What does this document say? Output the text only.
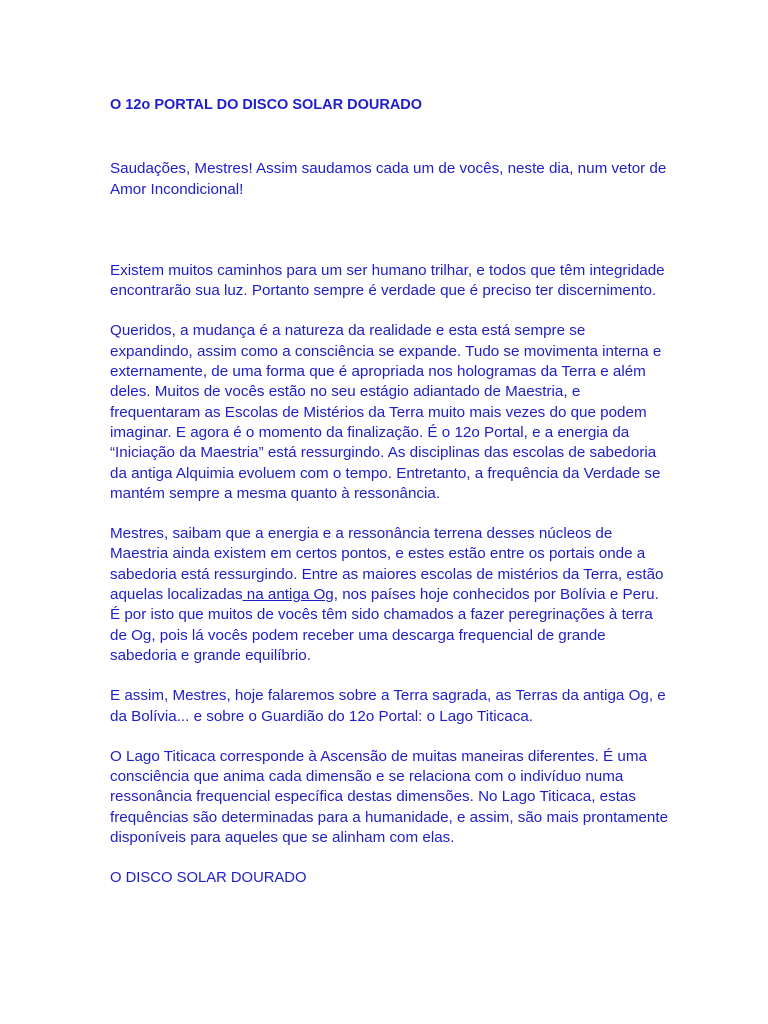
O 12o PORTAL DO DISCO SOLAR DOURADO

Saudações, Mestres! Assim saudamos cada um de vocês, neste dia, num vetor de Amor Incondicional!

Existem muitos caminhos para um ser humano trilhar, e todos que têm integridade encontrarão sua luz. Portanto sempre é verdade que é preciso ter discernimento.

Queridos, a mudança é a natureza da realidade e esta está sempre se expandindo, assim como a consciência se expande. Tudo se movimenta interna e externamente, de uma forma que é apropriada nos hologramas da Terra e além deles. Muitos de vocês estão no seu estágio adiantado de Maestria, e frequentaram as Escolas de Mistérios da Terra muito mais vezes do que podem imaginar. E agora é o momento da finalização. É o 12o Portal, e a energia da “Iniciação da Maestria” está ressurgindo. As disciplinas das escolas de sabedoria da antiga Alquimia evoluem com o tempo. Entretanto, a frequência da Verdade se mantém sempre a mesma quanto à ressonância.

Mestres, saibam que a energia e a ressonância terrena desses núcleos de Maestria ainda existem em certos pontos, e estes estão entre os portais onde a sabedoria está ressurgindo. Entre as maiores escolas de mistérios da Terra, estão aquelas localizadas na antiga Og, nos países hoje conhecidos por Bolívia e Peru. É por isto que muitos de vocês têm sido chamados a fazer peregrinações à terra de Og, pois lá vocês podem receber uma descarga frequencial de grande sabedoria e grande equilíbrio.

E assim, Mestres, hoje falaremos sobre a Terra sagrada, as Terras da antiga Og, e da Bolívia... e sobre o Guardião do 12o Portal: o Lago Titicaca.

O Lago Titicaca corresponde à Ascensão de muitas maneiras diferentes. É uma consciência que anima cada dimensão e se relaciona com o indivíduo numa ressonância frequencial específica destas dimensões. No Lago Titicaca, estas frequências são determinadas para a humanidade, e assim, são mais prontamente disponíveis para aqueles que se alinham com elas.

O DISCO SOLAR DOURADO
